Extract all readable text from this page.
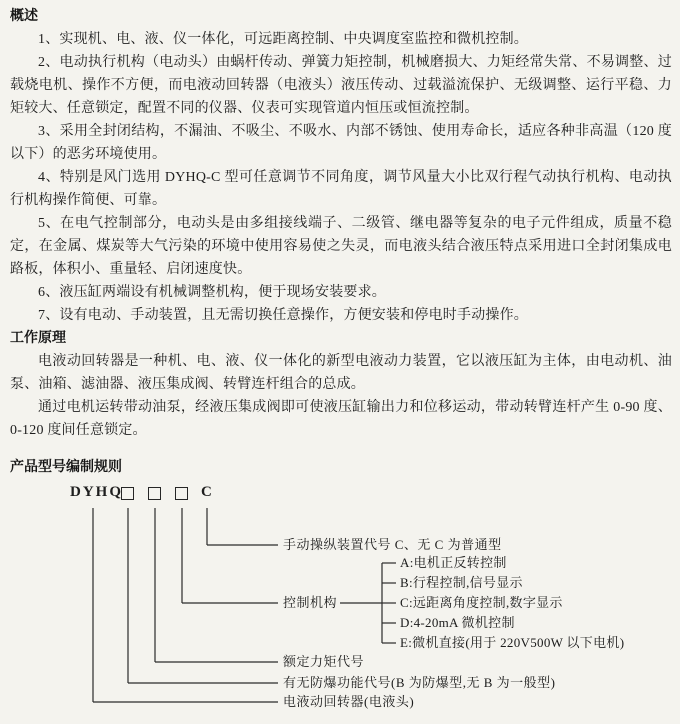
概述

1、实现机、电、液、仪一体化，可远距离控制、中央调度室监控和微机控制。

2、电动执行机构（电动头）由蜗杆传动、弹簧力矩控制，机械磨损大、力矩经常失常、不易调整、过载烧电机、操作不方便，而电液动回转器（电液头）液压传动、过载溢流保护、无级调整、运行平稳、力矩较大、任意锁定，配置不同的仪器、仪表可实现管道内恒压或恒流控制。

3、采用全封闭结构，不漏油、不吸尘、不吸水、内部不锈蚀、使用寿命长，适应各种非高温（120 度以下）的恶劣环境使用。

4、特别是风门选用 DYHQ-C 型可任意调节不同角度，调节风量大小比双行程气动执行机构、电动执行机构操作简便、可靠。

5、在电气控制部分，电动头是由多组接线端子、二级管、继电器等复杂的电子元件组成，质量不稳定，在金属、煤炭等大气污染的环境中使用容易使之失灵，而电液头结合液压特点采用进口全封闭集成电路板，体积小、重量轻、启闭速度快。

6、液压缸两端设有机械调整机构，便于现场安装要求。

7、设有电动、手动装置，且无需切换任意操作，方便安装和停电时手动操作。

工作原理

电液动回转器是一种机、电、液、仪一体化的新型电液动力装置，它以液压缸为主体，由电动机、油泵、油箱、滤油器、液压集成阀、转臂连杆组合的总成。

通过电机运转带动油泵，经液压集成阀即可使液压缸输出力和位移运动，带动转臂连杆产生 0-90 度、0-120 度间任意锁定。

产品型号编制规则
DYHQ	C
手动操纵装置代号 C、无 C 为普通型
控制机构
额定力矩代号
有无防爆功能代号(B 为防爆型,无 B 为一般型)
电液动回转器(电液头)
A:电机正反转控制
B:行程控制,信号显示
C:远距离角度控制,数字显示
D:4-20mA 微机控制
E:微机直接(用于 220V500W 以下电机)
